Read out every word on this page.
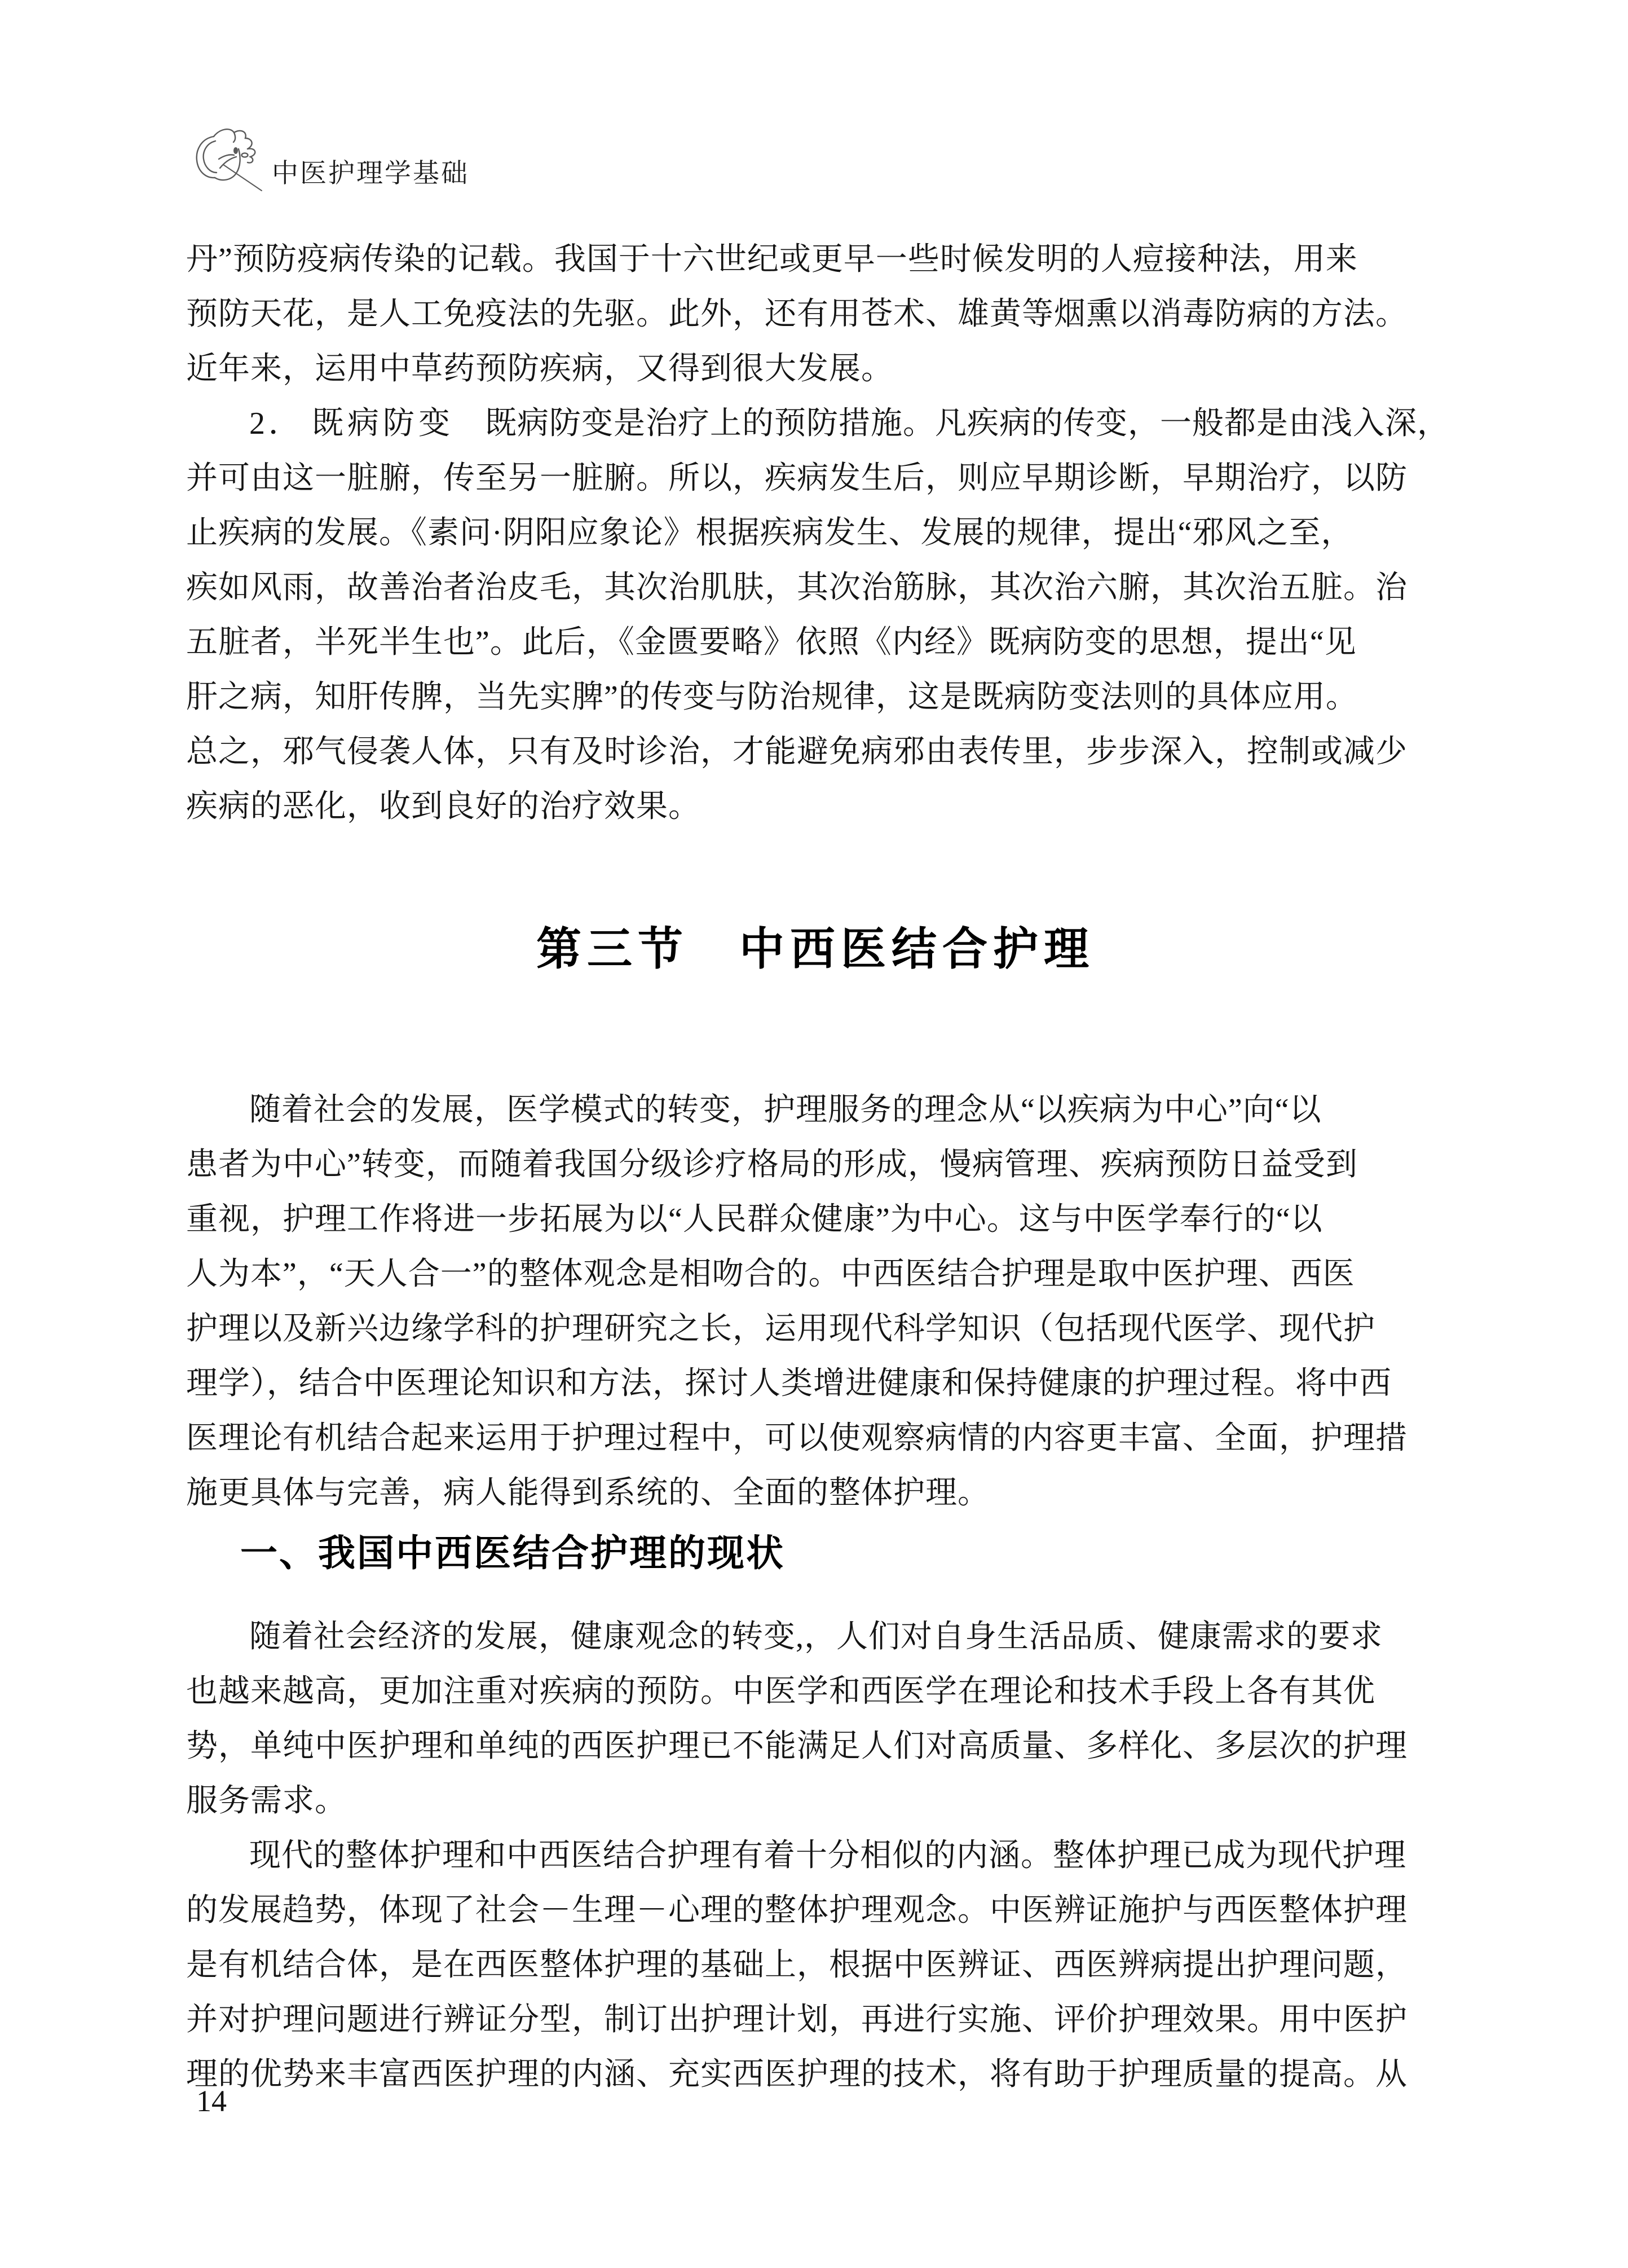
中医护理学基础
丹”预防疫病传染的记载。我国于十六世纪或更早一些时候发明的人痘接种法，用来
预防天花，是人工免疫法的先驱。此外，还有用苍术、雄黄等烟熏以消毒防病的方法。
近年来，运用中草药预防疾病，又得到很大发展。
2． 既病防变 既病防变是治疗上的预防措施。凡疾病的传变，一般都是由浅入深，
并可由这一脏腑，传至另一脏腑。所以，疾病发生后，则应早期诊断，早期治疗，以防
止疾病的发展。《素问·阴阳应象论》根据疾病发生、发展的规律，提出“邪风之至，
疾如风雨，故善治者治皮毛，其次治肌肤，其次治筋脉，其次治六腑，其次治五脏。治
五脏者，半死半生也”。此后，《金匮要略》依照《内经》既病防变的思想，提出“见
肝之病，知肝传脾，当先实脾”的传变与防治规律，这是既病防变法则的具体应用。
总之，邪气侵袭人体，只有及时诊治，才能避免病邪由表传里，步步深入，控制或减少
疾病的恶化，收到良好的治疗效果。
第三节　中西医结合护理
随着社会的发展，医学模式的转变，护理服务的理念从“以疾病为中心”向“以
患者为中心”转变，而随着我国分级诊疗格局的形成，慢病管理、疾病预防日益受到
重视，护理工作将进一步拓展为以“人民群众健康”为中心。这与中医学奉行的“以
人为本”，“天人合一”的整体观念是相吻合的。中西医结合护理是取中医护理、西医
护理以及新兴边缘学科的护理研究之长，运用现代科学知识（包括现代医学、现代护
理学），结合中医理论知识和方法，探讨人类增进健康和保持健康的护理过程。将中西
医理论有机结合起来运用于护理过程中，可以使观察病情的内容更丰富、全面，护理措
施更具体与完善，病人能得到系统的、全面的整体护理。
一、我国中西医结合护理的现状
随着社会经济的发展，健康观念的转变,，人们对自身生活品质、健康需求的要求
也越来越高，更加注重对疾病的预防。中医学和西医学在理论和技术手段上各有其优
势，单纯中医护理和单纯的西医护理已不能满足人们对高质量、多样化、多层次的护理
服务需求。
现代的整体护理和中西医结合护理有着十分相似的内涵。整体护理已成为现代护理
的发展趋势，体现了社会－生理－心理的整体护理观念。中医辨证施护与西医整体护理
是有机结合体，是在西医整体护理的基础上，根据中医辨证、西医辨病提出护理问题，
并对护理问题进行辨证分型，制订出护理计划，再进行实施、评价护理效果。用中医护
理的优势来丰富西医护理的内涵、充实西医护理的技术，将有助于护理质量的提高。从
14
